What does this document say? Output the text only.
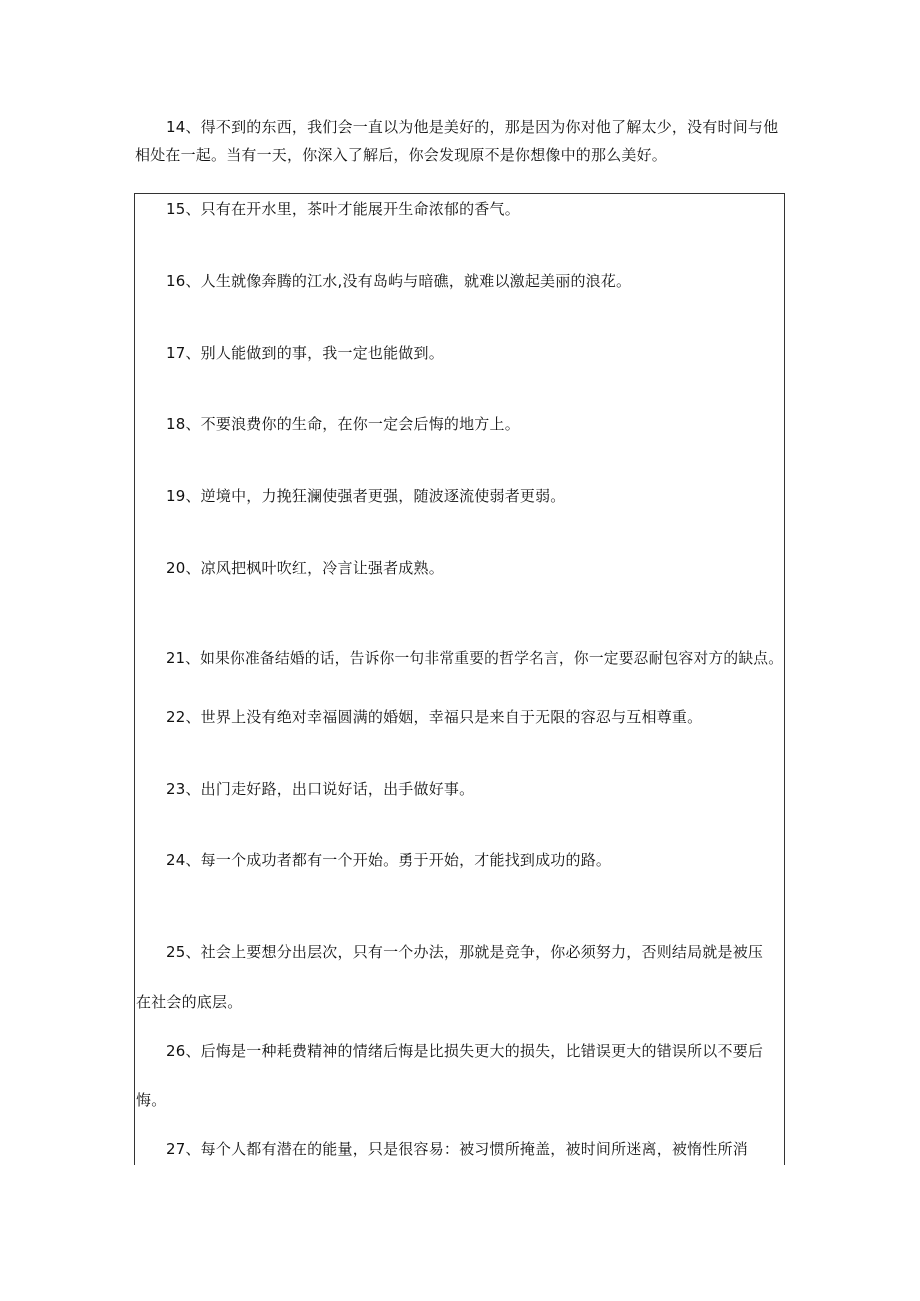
14、得不到的东西，我们会一直以为他是美好的，那是因为你对他了解太少，没有时间与他
相处在一起。当有一天，你深入了解后，你会发现原不是你想像中的那么美好。
15、只有在开水里，茶叶才能展开生命浓郁的香气。
16、人生就像奔腾的江水,没有岛屿与暗礁，就难以激起美丽的浪花。
17、别人能做到的事，我一定也能做到。
18、不要浪费你的生命，在你一定会后悔的地方上。
19、逆境中，力挽狂澜使强者更强，随波逐流使弱者更弱。
20、凉风把枫叶吹红，冷言让强者成熟。
21、如果你准备结婚的话，告诉你一句非常重要的哲学名言，你一定要忍耐包容对方的缺点。
22、世界上没有绝对幸福圆满的婚姻，幸福只是来自于无限的容忍与互相尊重。
23、出门走好路，出口说好话，出手做好事。
24、每一个成功者都有一个开始。勇于开始，才能找到成功的路。
25、社会上要想分出层次，只有一个办法，那就是竞争，你必须努力，否则结局就是被压
在社会的底层。
26、后悔是一种耗费精神的情绪后悔是比损失更大的损失，比错误更大的错误所以不要后
悔。
27、每个人都有潜在的能量，只是很容易：被习惯所掩盖，被时间所迷离，被惰性所消
